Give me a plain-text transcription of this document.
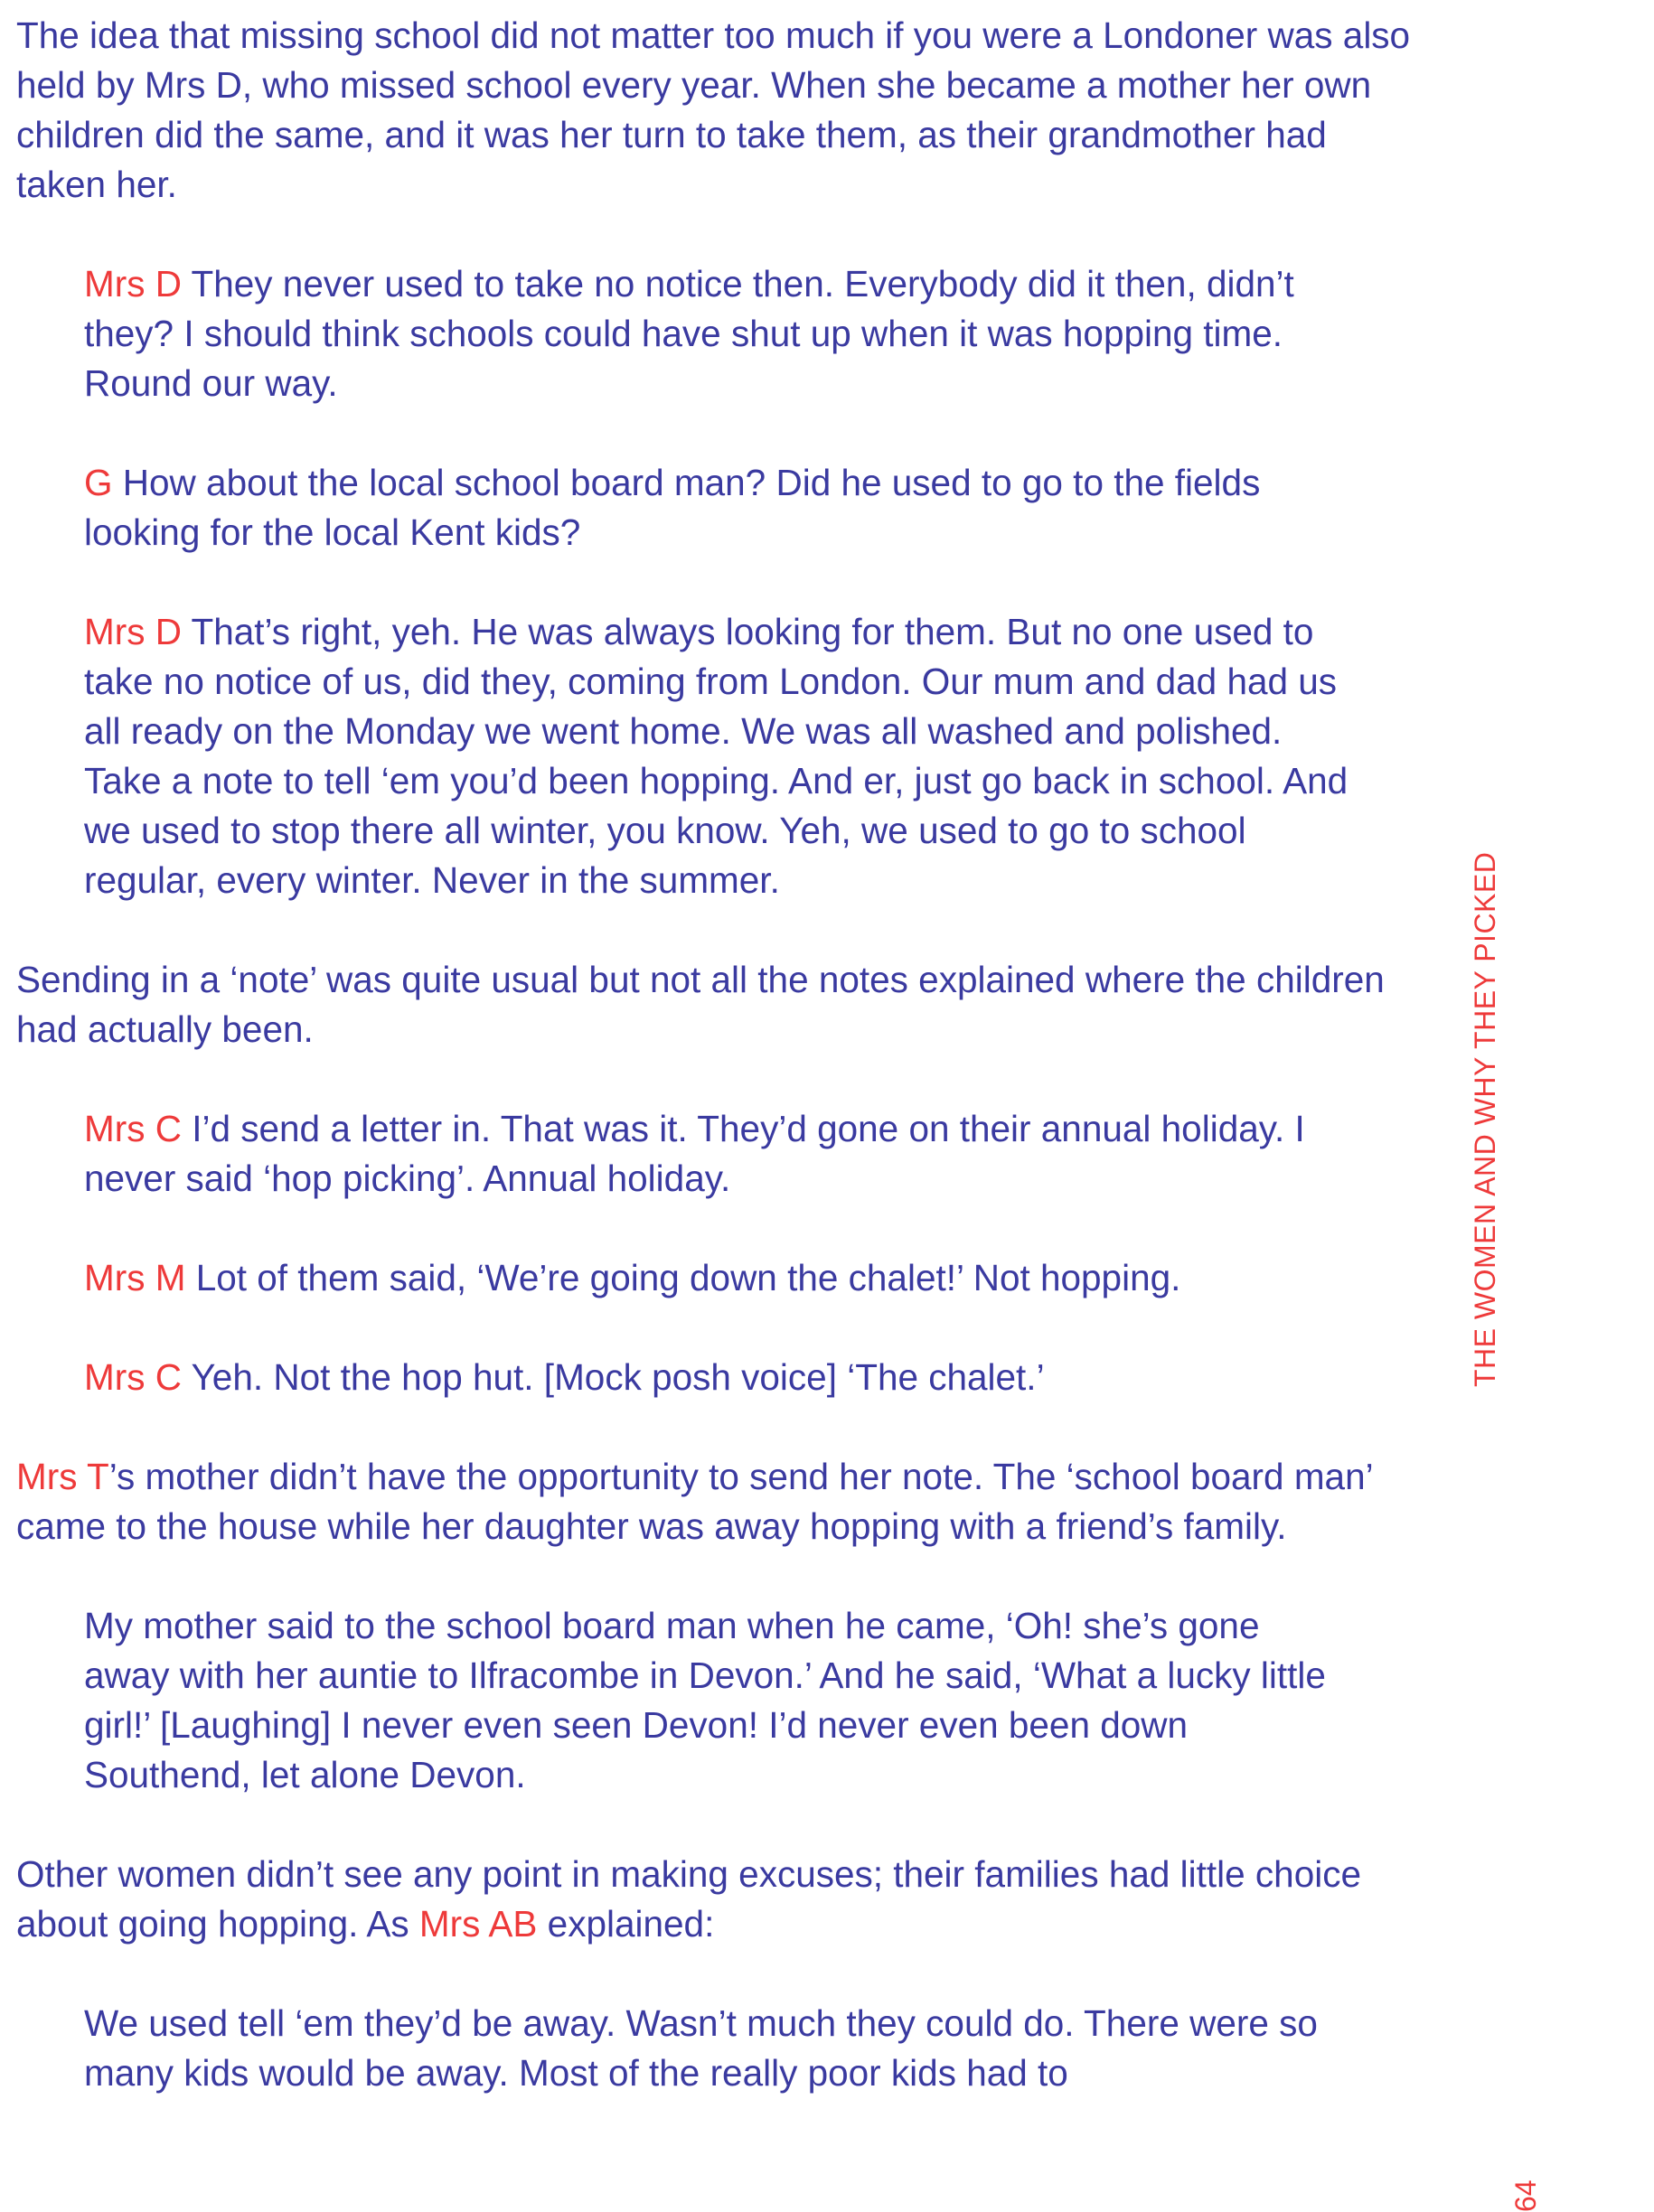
The idea that missing school did not matter too much if you were a Londoner was also held by Mrs D, who missed school every year. When she became a mother her own children did the same, and it was her turn to take them, as their grandmother had taken her.

Mrs D They never used to take no notice then. Everybody did it then, didn’t they? I should think schools could have shut up when it was hopping time. Round our way.

G How about the local school board man? Did he used to go to the fields looking for the local Kent kids?

Mrs D That’s right, yeh. He was always looking for them. But no one used to take no notice of us, did they, coming from London. Our mum and dad had us all ready on the Monday we went home. We was all washed and polished. Take a note to tell ‘em you’d been hopping. And er, just go back in school. And we used to stop there all winter, you know. Yeh, we used to go to school regular, every winter. Never in the summer.

Sending in a ‘note’ was quite usual but not all the notes explained where the children had actually been.

Mrs C I’d send a letter in. That was it. They’d gone on their annual holiday. I never said ‘hop picking’. Annual holiday.

Mrs M Lot of them said, ‘We’re going down the chalet!’ Not hopping.

Mrs C Yeh. Not the hop hut. [Mock posh voice] ‘The chalet.’

Mrs T’s mother didn’t have the opportunity to send her note. The ‘school board man’ came to the house while her daughter was away hopping with a friend’s family.

My mother said to the school board man when he came, ‘Oh! she’s gone away with her auntie to Ilfracombe in Devon.’ And he said, ‘What a lucky little girl!’ [Laughing] I never even seen Devon! I’d never even been down Southend, let alone Devon.

Other women didn’t see any point in making excuses; their families had little choice about going hopping. As Mrs AB explained:

We used tell ‘em they’d be away. Wasn’t much they could do. There were so many kids would be away. Most of the really poor kids had to

THE WOMEN AND WHY THEY PICKED
64
